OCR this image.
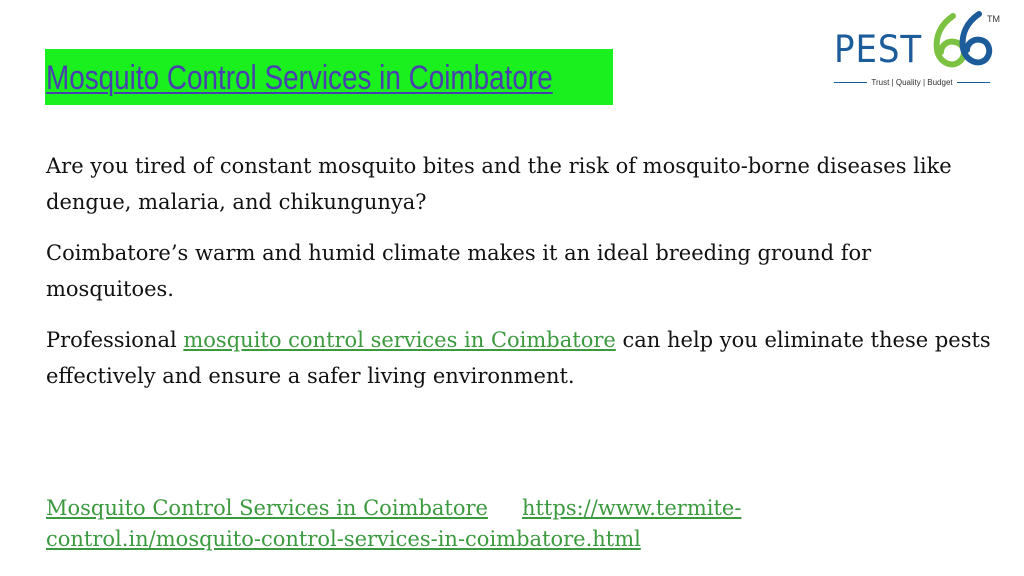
Mosquito Control Services in Coimbatore
PEST
TM
Trust | Quality | Budget

Are you tired of constant mosquito bites and the risk of mosquito-borne diseases like dengue, malaria, and chikungunya?

Coimbatore’s warm and humid climate makes it an ideal breeding ground for mosquitoes.

Professional mosquito control services in Coimbatore can help you eliminate these pests effectively and ensure a safer living environment.

Mosquito Control Services in Coimbatore https://www.termite-control.in/mosquito-control-services-in-coimbatore.html
